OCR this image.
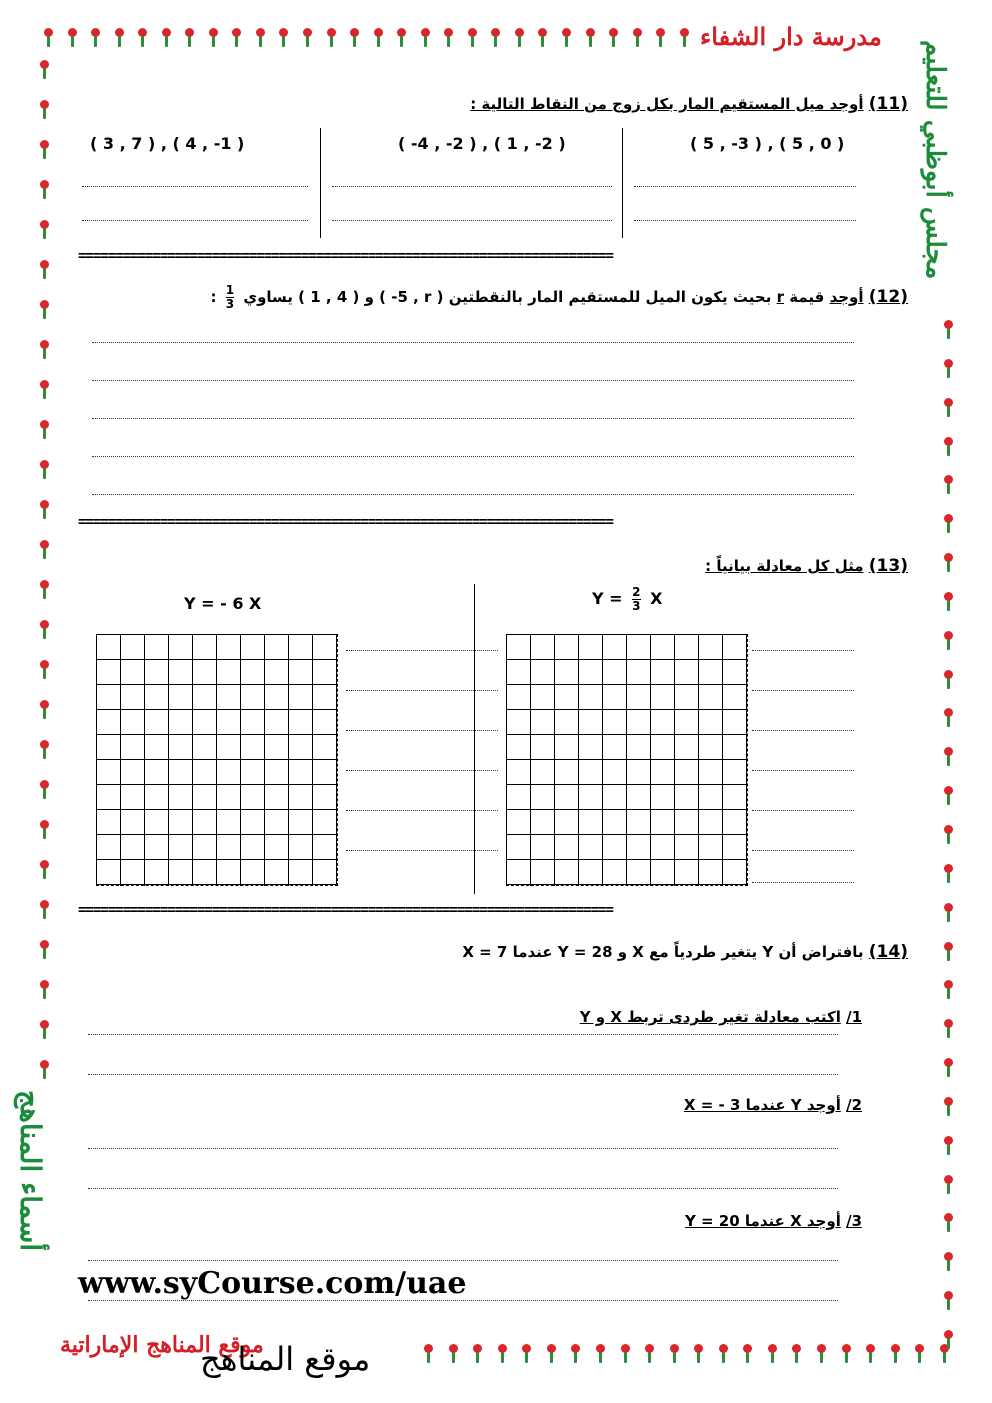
مدرسة دار الشفاء
مجلس أبوظبي للتعليم
أسماء المناهج
موقع المناهج الإماراتية
(11) أوجد ميل المستقيم المار بكل زوج من النقاط التالية :
( 3 , 7 ) , ( 4 , -1 )	( -4 , -2 ) , ( 1 , -2 )	( 5 , -3 ) , ( 5 , 0 )
========================================================================
(12) أوجد قيمة r بحيث يكون الميل للمستقيم المار بالنقطتين ( -5 , r ) و ( 1 , 4 ) يساوي
$\frac{1}{3}$
:
========================================================================
(13) مثل كل معادلة بيانياً :
Y = - 6 X	$Y = \frac{2}{3}$ X
========================================================================
(14) بافتراض أن Y يتغير طردياً مع X و Y = 28 عندما X = 7
1/ اكتب معادلة تغير طردى تربط X و Y
2/ أوجد Y عندما X = - 3
3/ أوجد X عندما Y = 20
www.syCourse.com/uae
موقع المناهج
